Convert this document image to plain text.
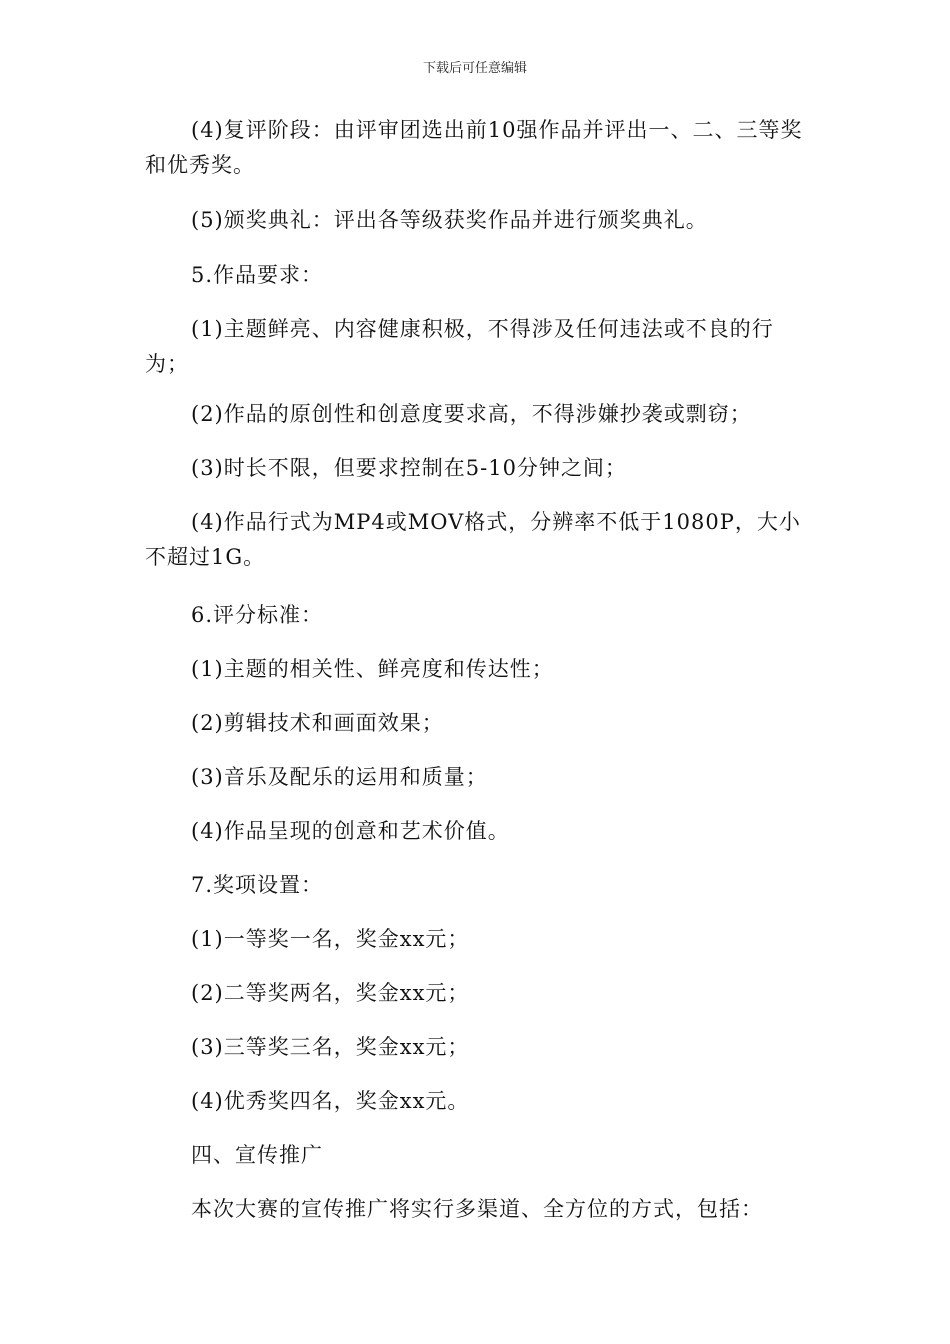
下载后可任意编辑

(4)复评阶段：由评审团选出前10强作品并评出一、二、三等奖和优秀奖。

(5)颁奖典礼：评出各等级获奖作品并进行颁奖典礼。

5.作品要求：

(1)主题鲜亮、内容健康积极，不得涉及任何违法或不良的行为；

(2)作品的原创性和创意度要求高，不得涉嫌抄袭或剽窃；

(3)时长不限，但要求控制在5-10分钟之间；

(4)作品行式为MP4或MOV格式，分辨率不低于1080P，大小不超过1G。

6.评分标准：

(1)主题的相关性、鲜亮度和传达性；

(2)剪辑技术和画面效果；

(3)音乐及配乐的运用和质量；

(4)作品呈现的创意和艺术价值。

7.奖项设置：

(1)一等奖一名，奖金xx元；

(2)二等奖两名，奖金xx元；

(3)三等奖三名，奖金xx元；

(4)优秀奖四名，奖金xx元。

四、宣传推广

本次大赛的宣传推广将实行多渠道、全方位的方式，包括：
